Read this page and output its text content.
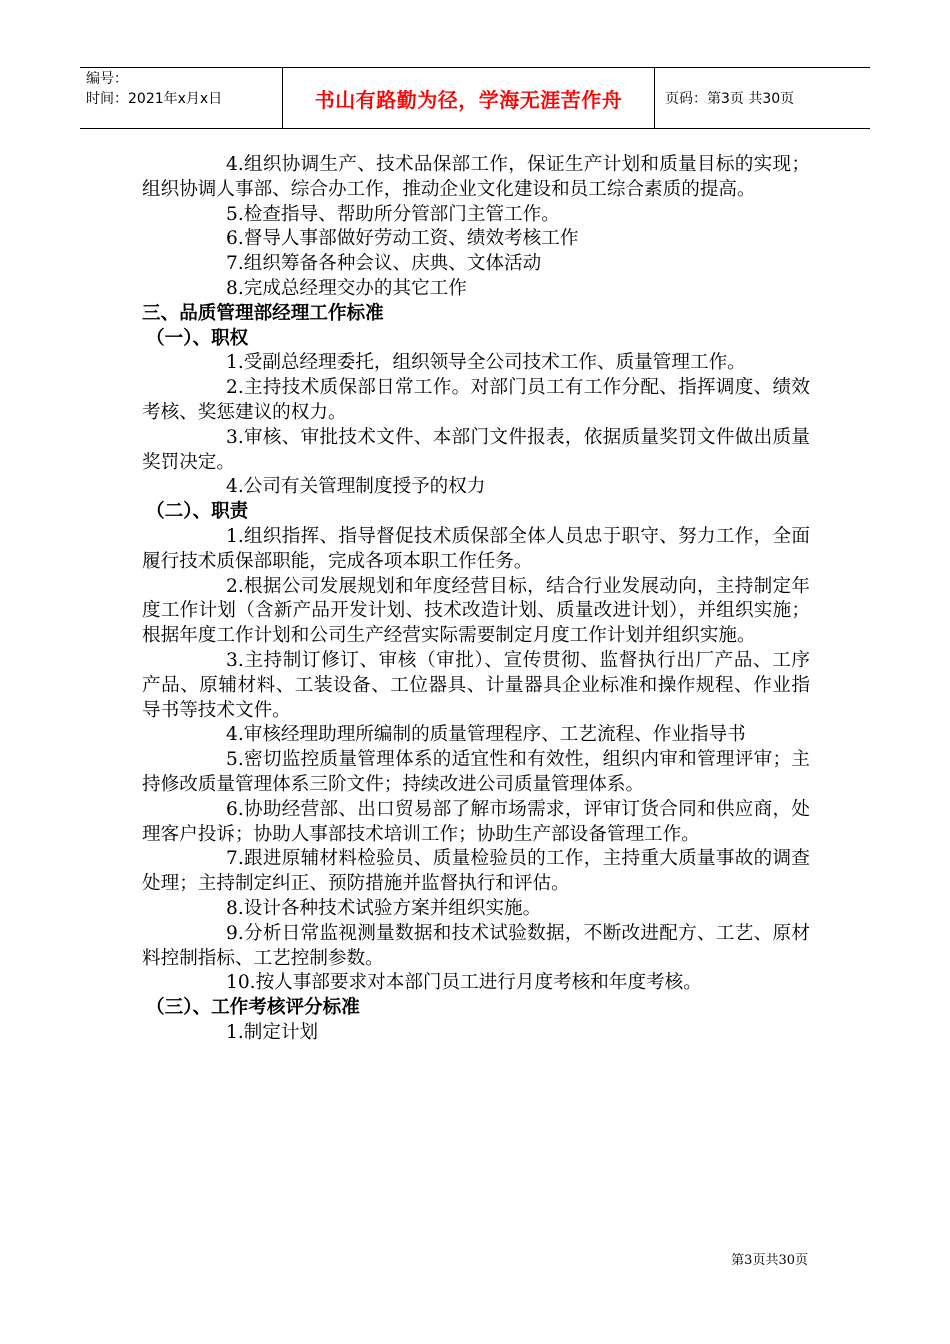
编号：
时间：2021年x月x日	书山有路勤为径，学海无涯苦作舟	页码：第3页 共30页

4.组织协调生产、技术品保部工作，保证生产计划和质量目标的实现；组织协调人事部、综合办工作，推动企业文化建设和员工综合素质的提高。

5.检查指导、帮助所分管部门主管工作。

6.督导人事部做好劳动工资、绩效考核工作

7.组织筹备各种会议、庆典、文体活动

8.完成总经理交办的其它工作

三、品质管理部经理工作标准

（一）、职权

1.受副总经理委托，组织领导全公司技术工作、质量管理工作。

2.主持技术质保部日常工作。对部门员工有工作分配、指挥调度、绩效考核、奖惩建议的权力。

3.审核、审批技术文件、本部门文件报表，依据质量奖罚文件做出质量奖罚决定。

4.公司有关管理制度授予的权力

（二）、职责

1.组织指挥、指导督促技术质保部全体人员忠于职守、努力工作，全面履行技术质保部职能，完成各项本职工作任务。

2.根据公司发展规划和年度经营目标，结合行业发展动向，主持制定年度工作计划（含新产品开发计划、技术改造计划、质量改进计划），并组织实施；根据年度工作计划和公司生产经营实际需要制定月度工作计划并组织实施。

3.主持制订修订、审核（审批）、宣传贯彻、监督执行出厂产品、工序产品、原辅材料、工装设备、工位器具、计量器具企业标准和操作规程、作业指导书等技术文件。

4.审核经理助理所编制的质量管理程序、工艺流程、作业指导书

5.密切监控质量管理体系的适宜性和有效性，组织内审和管理评审；主持修改质量管理体系三阶文件；持续改进公司质量管理体系。

6.协助经营部、出口贸易部了解市场需求，评审订货合同和供应商，处理客户投诉；协助人事部技术培训工作；协助生产部设备管理工作。

7.跟进原辅材料检验员、质量检验员的工作，主持重大质量事故的调查处理；主持制定纠正、预防措施并监督执行和评估。

8.设计各种技术试验方案并组织实施。

9.分析日常监视测量数据和技术试验数据，不断改进配方、工艺、原材料控制指标、工艺控制参数。

10.按人事部要求对本部门员工进行月度考核和年度考核。

（三）、工作考核评分标准

1.制定计划

第3页共30页
